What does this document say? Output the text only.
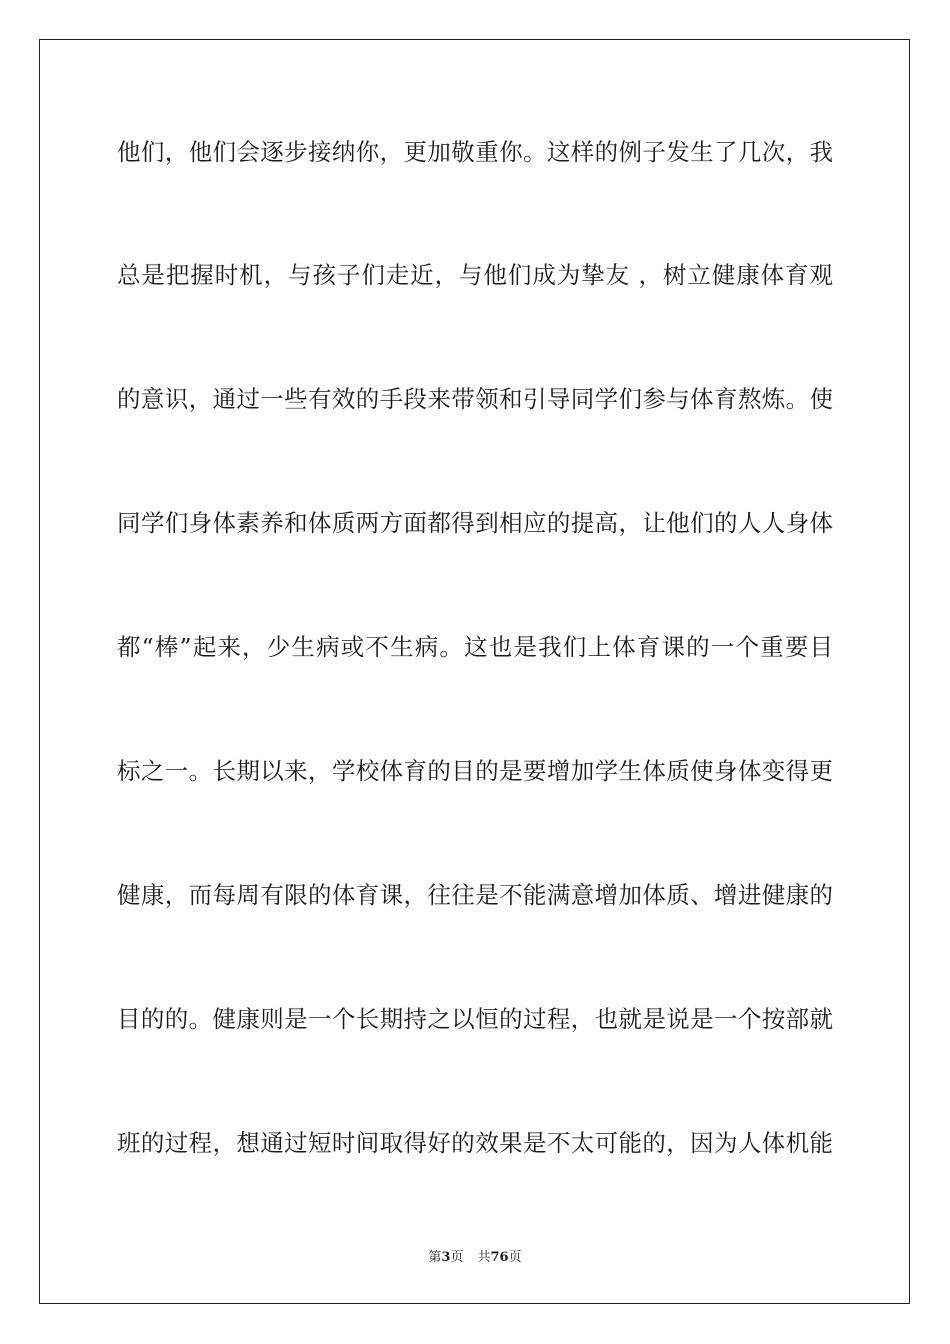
他们，他们会逐步接纳你，更加敬重你。这样的例子发生了几次，我
总是把握时机，与孩子们走近，与他们成为挚友 ，树立健康体育观
的意识，通过一些有效的手段来带领和引导同学们参与体育熬炼。使
同学们身体素养和体质两方面都得到相应的提高，让他们的人人身体
都“棒”起来，少生病或不生病。这也是我们上体育课的一个重要目
标之一。长期以来，学校体育的目的是要增加学生体质使身体变得更
健康，而每周有限的体育课，往往是不能满意增加体质、增进健康的
目的的。健康则是一个长期持之以恒的过程，也就是说是一个按部就
班的过程，想通过短时间取得好的效果是不太可能的，因为人体机能
第3页 共76页
